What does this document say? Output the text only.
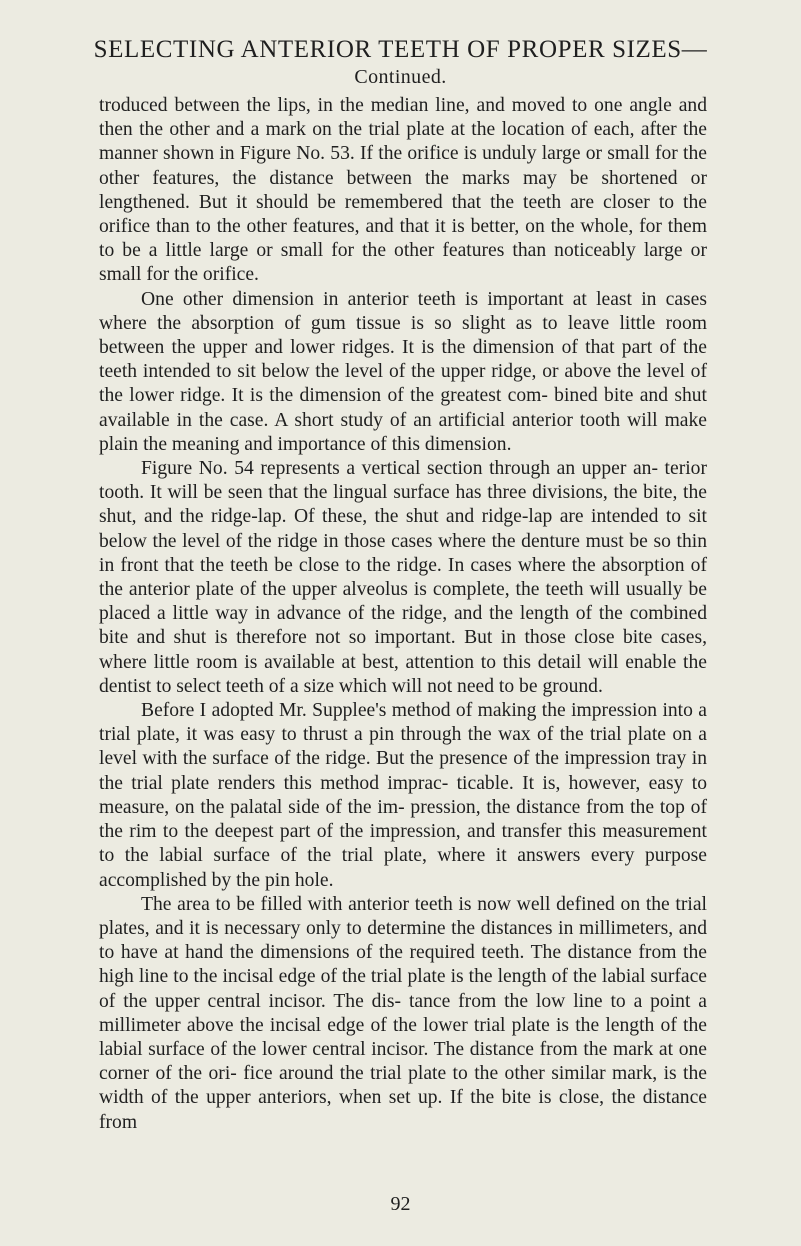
SELECTING ANTERIOR TEETH OF PROPER SIZES—
Continued.

troduced between the lips, in the median line, and moved to one angle and then the other and a mark on the trial plate at the location of each, after the manner shown in Figure No. 53. If the orifice is unduly large or small for the other features, the distance between the marks may be shortened or lengthened. But it should be remembered that the teeth are closer to the orifice than to the other features, and that it is better, on the whole, for them to be a little large or small for the other features than noticeably large or small for the orifice.

One other dimension in anterior teeth is important at least in cases where the absorption of gum tissue is so slight as to leave little room between the upper and lower ridges. It is the dimension of that part of the teeth intended to sit below the level of the upper ridge, or above the level of the lower ridge. It is the dimension of the greatest com- bined bite and shut available in the case. A short study of an artificial anterior tooth will make plain the meaning and importance of this dimension.

Figure No. 54 represents a vertical section through an upper an- terior tooth. It will be seen that the lingual surface has three divisions, the bite, the shut, and the ridge-lap. Of these, the shut and ridge-lap are intended to sit below the level of the ridge in those cases where the denture must be so thin in front that the teeth be close to the ridge. In cases where the absorption of the anterior plate of the upper alveolus is complete, the teeth will usually be placed a little way in advance of the ridge, and the length of the combined bite and shut is therefore not so important. But in those close bite cases, where little room is available at best, attention to this detail will enable the dentist to select teeth of a size which will not need to be ground.

Before I adopted Mr. Supplee's method of making the impression into a trial plate, it was easy to thrust a pin through the wax of the trial plate on a level with the surface of the ridge. But the presence of the impression tray in the trial plate renders this method imprac- ticable. It is, however, easy to measure, on the palatal side of the im- pression, the distance from the top of the rim to the deepest part of the impression, and transfer this measurement to the labial surface of the trial plate, where it answers every purpose accomplished by the pin hole.

The area to be filled with anterior teeth is now well defined on the trial plates, and it is necessary only to determine the distances in millimeters, and to have at hand the dimensions of the required teeth. The distance from the high line to the incisal edge of the trial plate is the length of the labial surface of the upper central incisor. The dis- tance from the low line to a point a millimeter above the incisal edge of the lower trial plate is the length of the labial surface of the lower central incisor. The distance from the mark at one corner of the ori- fice around the trial plate to the other similar mark, is the width of the upper anteriors, when set up. If the bite is close, the distance from

92
